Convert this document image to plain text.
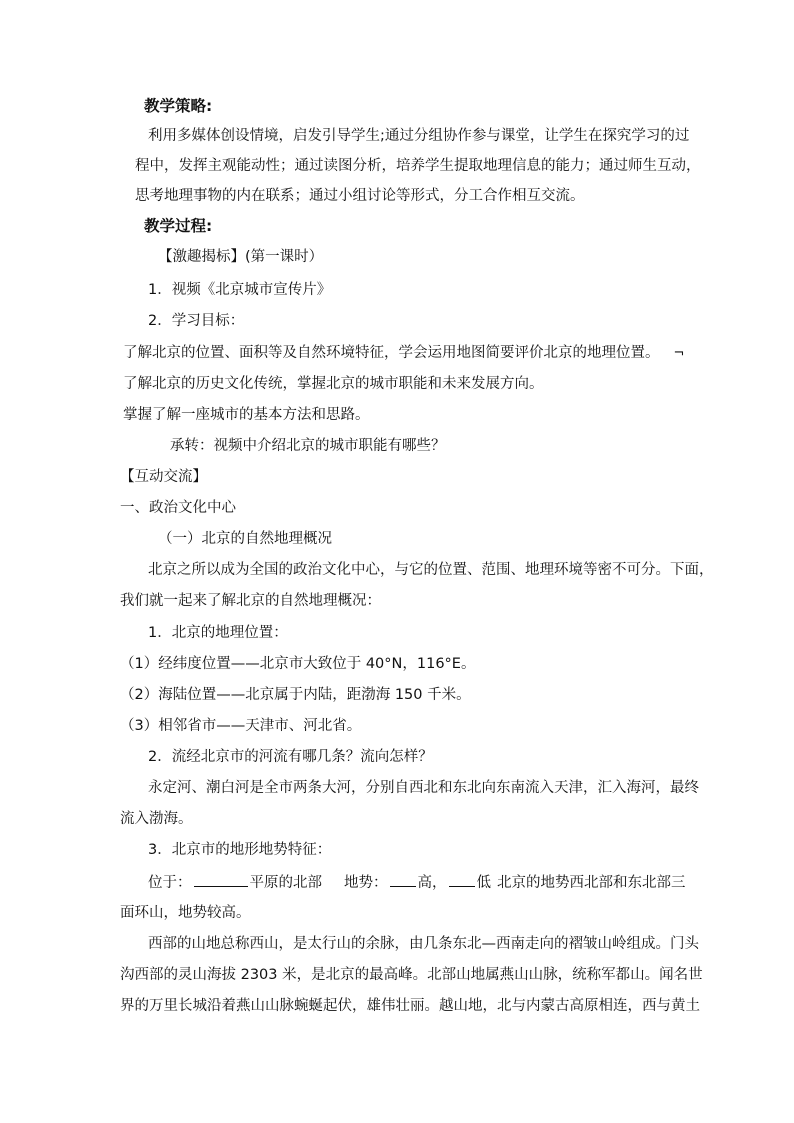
教学策略:
利用多媒体创设情境，启发引导学生;通过分组协作参与课堂，让学生在探究学习的过
程中，发挥主观能动性；通过读图分析，培养学生提取地理信息的能力；通过师生互动，
思考地理事物的内在联系；通过小组讨论等形式，分工合作相互交流。
教学过程:
【激趣揭标】(第一课时）
1．视频《北京城市宣传片》
2．学习目标：
了解北京的位置、面积等及自然环境特征，学会运用地图简要评价北京的地理位置。 ¬
了解北京的历史文化传统，掌握北京的城市职能和未来发展方向。
掌握了解一座城市的基本方法和思路。
承转：视频中介绍北京的城市职能有哪些？
【互动交流】
一、政治文化中心
（一）北京的自然地理概况
北京之所以成为全国的政治文化中心，与它的位置、范围、地理环境等密不可分。下面，
我们就一起来了解北京的自然地理概况：
1．北京的地理位置：
（1）经纬度位置——北京市大致位于 40°N，116°E。
（2）海陆位置——北京属于内陆，距渤海 150 千米。
（3）相邻省市——天津市、河北省。
2．流经北京市的河流有哪几条？流向怎样？
永定河、潮白河是全市两条大河，分别自西北和东北向东南流入天津，汇入海河，最终
流入渤海。
3．北京市的地形地势特征：
位于：	平原的北部 地势： 高， 低 北京的地势西北部和东北部三
面环山，地势较高。
西部的山地总称西山，是太行山的余脉，由几条东北—西南走向的褶皱山岭组成。门头
沟西部的灵山海拔 2303 米，是北京的最高峰。北部山地属燕山山脉，统称军都山。闻名世
界的万里长城沿着燕山山脉蜿蜒起伏，雄伟壮丽。越山地，北与内蒙古高原相连，西与黄土
